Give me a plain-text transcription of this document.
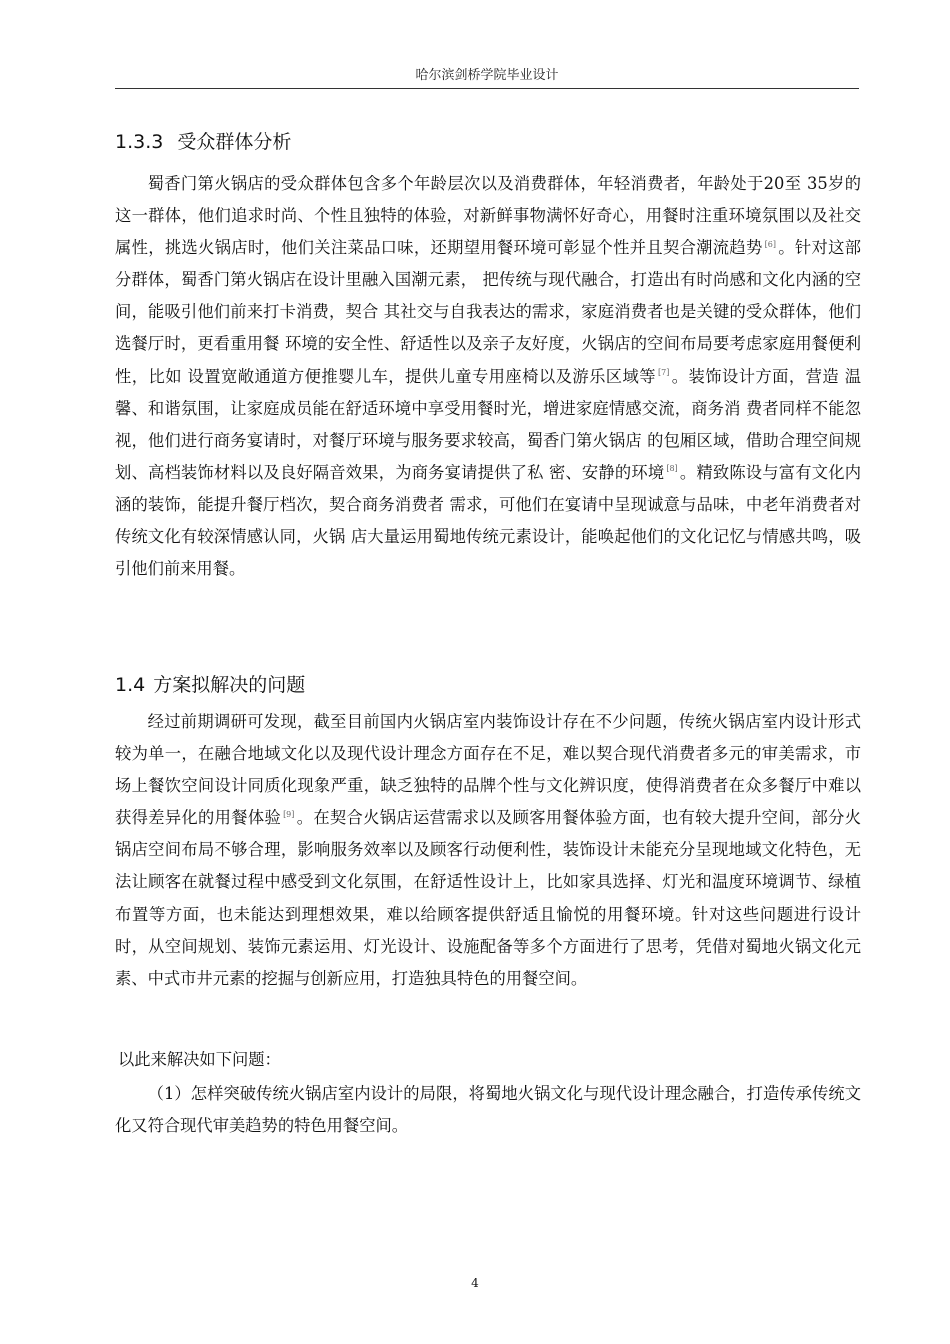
哈尔滨剑桥学院毕业设计
1.3.3 受众群体分析

蜀香门第火锅店的受众群体包含多个年龄层次以及消费群体，年轻消费者，年龄处于20至 35岁的这一群体，他们追求时尚、个性且独特的体验，对新鲜事物满怀好奇心，用餐时注重环境氛围以及社交属性，挑选火锅店时，他们关注菜品口味，还期望用餐环境可彰显个性并且契合潮流趋势 [6] 。针对这部分群体，蜀香门第火锅店在设计里融入国潮元素， 把传统与现代融合，打造出有时尚感和文化内涵的空间，能吸引他们前来打卡消费，契合 其社交与自我表达的需求，家庭消费者也是关键的受众群体，他们选餐厅时，更看重用餐 环境的安全性、舒适性以及亲子友好度，火锅店的空间布局要考虑家庭用餐便利性，比如 设置宽敞通道方便推婴儿车，提供儿童专用座椅以及游乐区域等 [7] 。装饰设计方面，营造 温馨、和谐氛围，让家庭成员能在舒适环境中享受用餐时光，增进家庭情感交流，商务消 费者同样不能忽视，他们进行商务宴请时，对餐厅环境与服务要求较高，蜀香门第火锅店 的包厢区域，借助合理空间规划、高档装饰材料以及良好隔音效果，为商务宴请提供了私 密、安静的环境 [8] 。精致陈设与富有文化内涵的装饰，能提升餐厅档次，契合商务消费者 需求，可他们在宴请中呈现诚意与品味，中老年消费者对传统文化有较深情感认同，火锅 店大量运用蜀地传统元素设计，能唤起他们的文化记忆与情感共鸣，吸引他们前来用餐。

1.4 方案拟解决的问题

经过前期调研可发现，截至目前国内火锅店室内装饰设计存在不少问题，传统火锅店室内设计形式较为单一，在融合地域文化以及现代设计理念方面存在不足，难以契合现代消费者多元的审美需求，市场上餐饮空间设计同质化现象严重，缺乏独特的品牌个性与文化辨识度，使得消费者在众多餐厅中难以获得差异化的用餐体验 [9] 。在契合火锅店运营需求以及顾客用餐体验方面，也有较大提升空间，部分火锅店空间布局不够合理，影响服务效率以及顾客行动便利性，装饰设计未能充分呈现地域文化特色，无法让顾客在就餐过程中感受到文化氛围，在舒适性设计上，比如家具选择、灯光和温度环境调节、绿植布置等方面，也未能达到理想效果，难以给顾客提供舒适且愉悦的用餐环境。针对这些问题进行设计时，从空间规划、装饰元素运用、灯光设计、设施配备等多个方面进行了思考，凭借对蜀地火锅文化元素、中式市井元素的挖掘与创新应用，打造独具特色的用餐空间。

以此来解决如下问题：

（1）怎样突破传统火锅店室内设计的局限，将蜀地火锅文化与现代设计理念融合，打造传承传统文化又符合现代审美趋势的特色用餐空间。

4
